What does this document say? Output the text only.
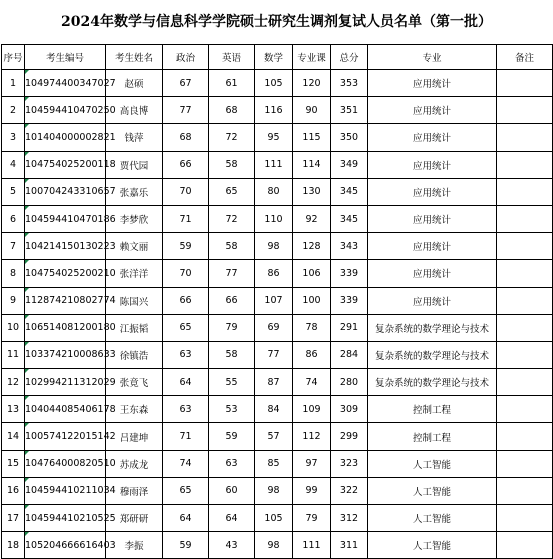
2024年数学与信息科学学院硕士研究生调剂复试人员名单（第一批）
序号	考生编号	考生姓名	政治	英语	数学	专业课	总分	专业	备注
1	104974400347027	赵硕	67	61	105	120	353	应用统计	
2	104594410470250	高良博	77	68	116	90	351	应用统计	
3	101404000002821	钱萍	68	72	95	115	350	应用统计	
4	104754025200118	贾代园	66	58	111	114	349	应用统计	
5	100704243310657	张嘉乐	70	65	80	130	345	应用统计	
6	104594410470186	李梦欣	71	72	110	92	345	应用统计	
7	104214150130223	赖文丽	59	58	98	128	343	应用统计	
8	104754025200210	张洋洋	70	77	86	106	339	应用统计	
9	112874210802774	陈国兴	66	66	107	100	339	应用统计	
10	106514081200180	江振韬	65	79	69	78	291	复杂系统的数学理论与技术	
11	103374210008633	徐镇浩	63	58	77	86	284	复杂系统的数学理论与技术	
12	102994211312029	张竟飞	64	55	87	74	280	复杂系统的数学理论与技术	
13	104044085406178	王东森	63	53	84	109	309	控制工程	
14	100574122015142	吕建坤	71	59	57	112	299	控制工程	
15	104764000820510	苏成龙	74	63	85	97	323	人工智能	
16	104594410211034	穆雨泽	65	60	98	99	322	人工智能	
17	104594410210525	郑研研	64	64	105	79	312	人工智能	
18	105204666616403	李振	59	43	98	111	311	人工智能	
